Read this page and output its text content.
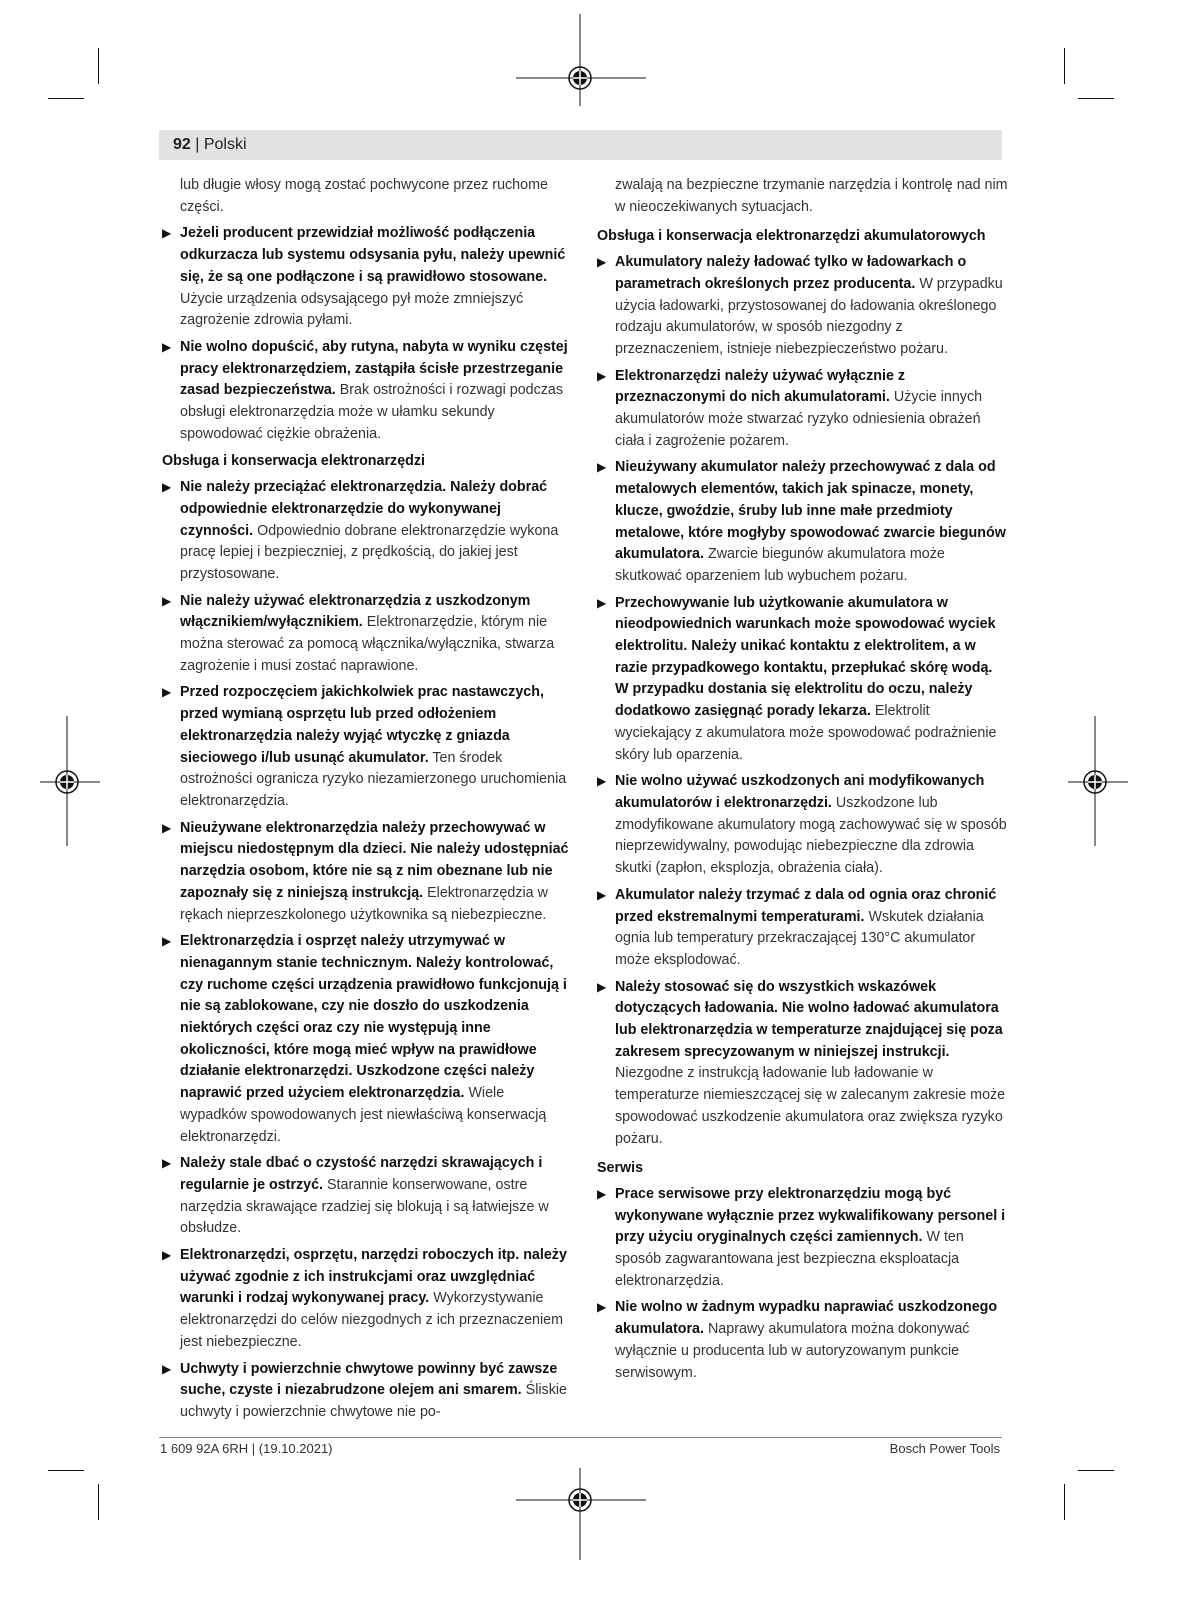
92 | Polski

lub długie włosy mogą zostać pochwycone przez ruchome części.

▶ Jeżeli producent przewidział możliwość podłączenia odkurzacza lub systemu odsysania pyłu, należy upewnić się, że są one podłączone i są prawidłowo stosowane. Użycie urządzenia odsysającego pył może zmniejszyć zagrożenie zdrowia pyłami.
▶ Nie wolno dopuścić, aby rutyna, nabyta w wyniku częstej pracy elektronarzędziem, zastąpiła ścisłe przestrzeganie zasad bezpieczeństwa. Brak ostrożności i rozwagi podczas obsługi elektronarzędzia może w ułamku sekundy spowodować ciężkie obrażenia.
Obsługa i konserwacja elektronarzędzi
▶ Nie należy przeciążać elektronarzędzia. Należy dobrać odpowiednie elektronarzędzie do wykonywanej czynności. Odpowiednio dobrane elektronarzędzie wykona pracę lepiej i bezpieczniej, z prędkością, do jakiej jest przystosowane.
▶ Nie należy używać elektronarzędzia z uszkodzonym włącznikiem/wyłącznikiem. Elektronarzędzie, którym nie można sterować za pomocą włącznika/wyłącznika, stwarza zagrożenie i musi zostać naprawione.
▶ Przed rozpoczęciem jakichkolwiek prac nastawczych, przed wymianą osprzętu lub przed odłożeniem elektronarzędzia należy wyjąć wtyczkę z gniazda sieciowego i/lub usunąć akumulator. Ten środek ostrożności ogranicza ryzyko niezamierzonego uruchomienia elektronarzędzia.
▶ Nieużywane elektronarzędzia należy przechowywać w miejscu niedostępnym dla dzieci. Nie należy udostępniać narzędzia osobom, które nie są z nim obeznane lub nie zapoznały się z niniejszą instrukcją. Elektronarzędzia w rękach nieprzeszkolonego użytkownika są niebezpieczne.
▶ Elektronarzędzia i osprzęt należy utrzymywać w nienagannym stanie technicznym. Należy kontrolować, czy ruchome części urządzenia prawidłowo funkcjonują i nie są zablokowane, czy nie doszło do uszkodzenia niektórych części oraz czy nie występują inne okoliczności, które mogą mieć wpływ na prawidłowe działanie elektronarzędzi. Uszkodzone części należy naprawić przed użyciem elektronarzędzia. Wiele wypadków spowodowanych jest niewłaściwą konserwacją elektronarzędzi.
▶ Należy stale dbać o czystość narzędzi skrawających i regularnie je ostrzyć. Starannie konserwowane, ostre narzędzia skrawające rzadziej się blokują i są łatwiejsze w obsłudze.
▶ Elektronarzędzi, osprzętu, narzędzi roboczych itp. należy używać zgodnie z ich instrukcjami oraz uwzględniać warunki i rodzaj wykonywanej pracy. Wykorzystywanie elektronarzędzi do celów niezgodnych z ich przeznaczeniem jest niebezpieczne.
▶ Uchwyty i powierzchnie chwytowe powinny być zawsze suche, czyste i niezabrudzone olejem ani smarem. Śliskie uchwyty i powierzchnie chwytowe nie po-

zwalają na bezpieczne trzymanie narzędzia i kontrolę nad nim w nieoczekiwanych sytuacjach.

Obsługa i konserwacja elektronarzędzi akumulatorowych
▶ Akumulatory należy ładować tylko w ładowarkach o parametrach określonych przez producenta. W przypadku użycia ładowarki, przystosowanej do ładowania określonego rodzaju akumulatorów, w sposób niezgodny z przeznaczeniem, istnieje niebezpieczeństwo pożaru.
▶ Elektronarzędzi należy używać wyłącznie z przeznaczonymi do nich akumulatorami. Użycie innych akumulatorów może stwarzać ryzyko odniesienia obrażeń ciała i zagrożenie pożarem.
▶ Nieużywany akumulator należy przechowywać z dala od metalowych elementów, takich jak spinacze, monety, klucze, gwoździe, śruby lub inne małe przedmioty metalowe, które mogłyby spowodować zwarcie biegunów akumulatora. Zwarcie biegunów akumulatora może skutkować oparzeniem lub wybuchem pożaru.
▶ Przechowywanie lub użytkowanie akumulatora w nieodpowiednich warunkach może spowodować wyciek elektrolitu. Należy unikać kontaktu z elektrolitem, a w razie przypadkowego kontaktu, przepłukać skórę wodą. W przypadku dostania się elektrolitu do oczu, należy dodatkowo zasięgnąć porady lekarza. Elektrolit wyciekający z akumulatora może spowodować podrażnienie skóry lub oparzenia.
▶ Nie wolno używać uszkodzonych ani modyfikowanych akumulatorów i elektronarzędzi. Uszkodzone lub zmodyfikowane akumulatory mogą zachowywać się w sposób nieprzewidywalny, powodując niebezpieczne dla zdrowia skutki (zapłon, eksplozja, obrażenia ciała).
▶ Akumulator należy trzymać z dala od ognia oraz chronić przed ekstremalnymi temperaturami. Wskutek działania ognia lub temperatury przekraczającej 130°C akumulator może eksplodować.
▶ Należy stosować się do wszystkich wskazówek dotyczących ładowania. Nie wolno ładować akumulatora lub elektronarzędzia w temperaturze znajdującej się poza zakresem sprecyzowanym w niniejszej instrukcji. Niezgodne z instrukcją ładowanie lub ładowanie w temperaturze niemieszczącej się w zalecanym zakresie może spowodować uszkodzenie akumulatora oraz zwiększa ryzyko pożaru.
Serwis
▶ Prace serwisowe przy elektronarzędziu mogą być wykonywane wyłącznie przez wykwalifikowany personel i przy użyciu oryginalnych części zamiennych. W ten sposób zagwarantowana jest bezpieczna eksploatacja elektronarzędzia.
▶ Nie wolno w żadnym wypadku naprawiać uszkodzonego akumulatora. Naprawy akumulatora można dokonywać wyłącznie u producenta lub w autoryzowanym punkcie serwisowym.
1 609 92A 6RH | (19.10.2021)	Bosch Power Tools
